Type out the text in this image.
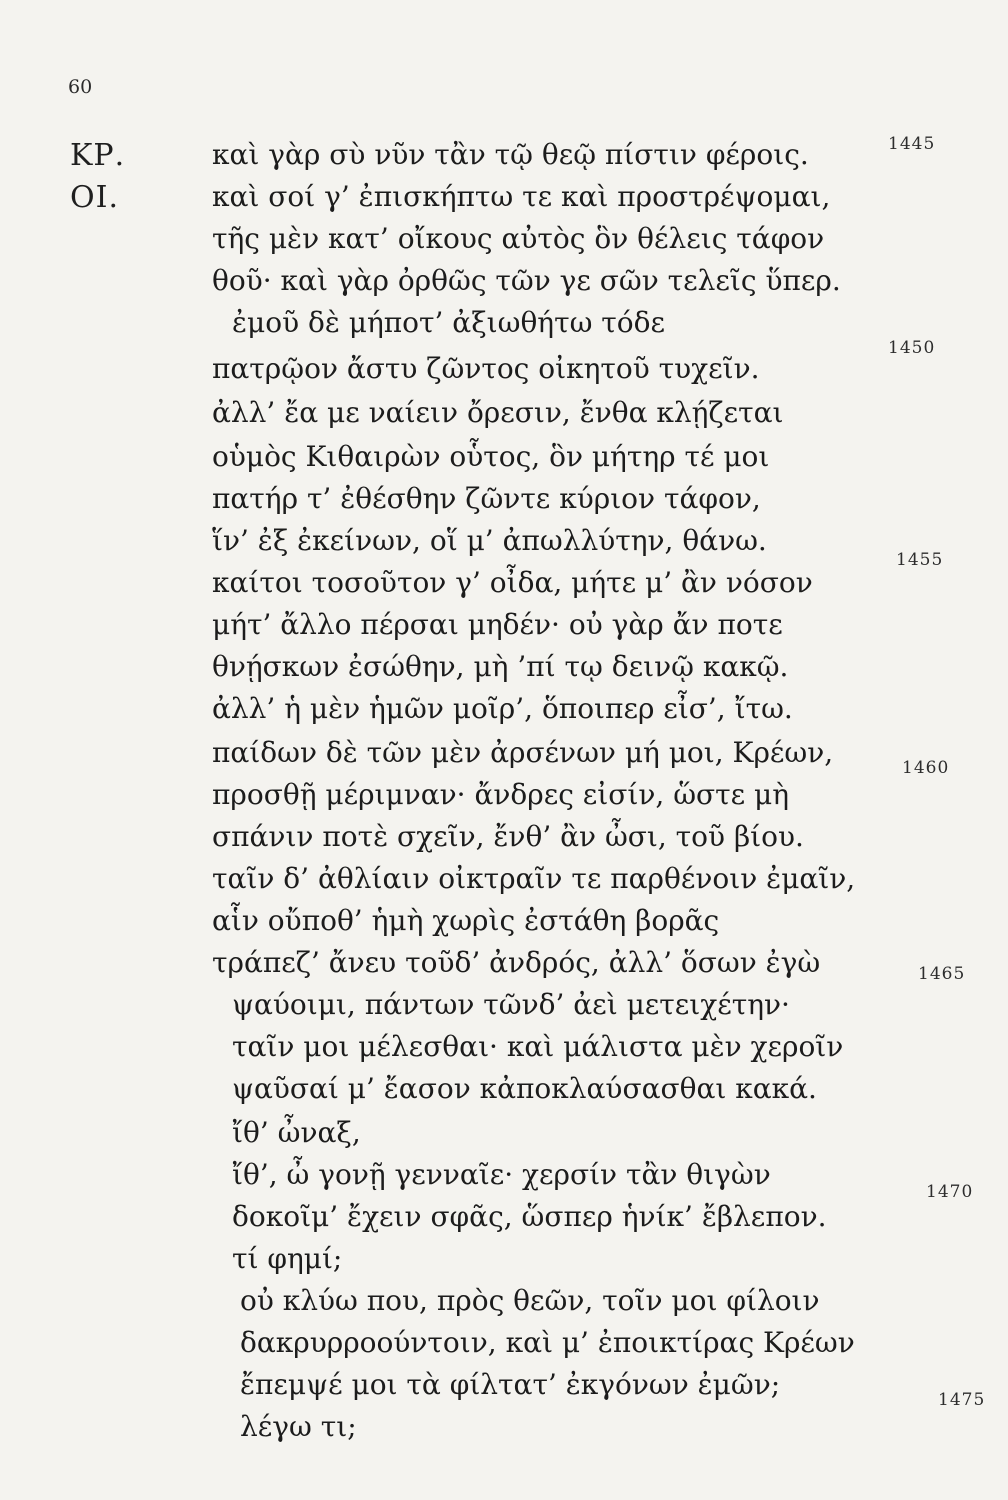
60
ΚΡ.	καὶ γὰρ σὺ νῦν τἂν τῷ θεῷ πίστιν φέροις.	1445
ΟΙ.	καὶ σοί γ’ ἐπισκήπτω τε καὶ προστρέψομαι,
τῆς μὲν κατ’ οἴκους αὐτὸς ὃν θέλεις τάφον
θοῦ· καὶ γὰρ ὀρθῶς τῶν γε σῶν τελεῖς ὕπερ.
ἐμοῦ δὲ μήποτ’ ἀξιωθήτω τόδε
πατρῷον ἄστυ ζῶντος οἰκητοῦ τυχεῖν.
1450
ἀλλ’ ἔα με ναίειν ὄρεσιν, ἔνθα κλῄζεται
οὑμὸς Κιθαιρὼν οὗτος, ὃν μήτηρ τέ μοι
πατήρ τ’ ἐθέσθην ζῶντε κύριον τάφον,
ἵν’ ἐξ ἐκείνων, οἵ μ’ ἀπωλλύτην, θάνω.
καίτοι τοσοῦτον γ’ οἶδα, μήτε μ’ ἂν νόσον
1455
μήτ’ ἄλλο πέρσαι μηδέν· οὐ γὰρ ἄν ποτε
θνῄσκων ἐσώθην, μὴ ’πί τῳ δεινῷ κακῷ.
ἀλλ’ ἡ μὲν ἡμῶν μοῖρ’, ὅποιπερ εἶσ’, ἴτω.
παίδων δὲ τῶν μὲν ἀρσένων μή μοι, Κρέων,
προσθῇ μέριμναν· ἄνδρες εἰσίν, ὥστε μὴ
1460
σπάνιν ποτὲ σχεῖν, ἔνθ’ ἂν ὦσι, τοῦ βίου.
ταῖν δ’ ἀθλίαιν οἰκτραῖν τε παρθένοιν ἐμαῖν,
αἷν οὔποθ’ ἡμὴ χωρὶς ἐστάθη βορᾶς
τράπεζ’ ἄνευ τοῦδ’ ἀνδρός, ἀλλ’ ὅσων ἐγὼ
ψαύοιμι, πάντων τῶνδ’ ἀεὶ μετειχέτην·
1465
ταῖν μοι μέλεσθαι· καὶ μάλιστα μὲν χεροῖν
ψαῦσαί μ’ ἔασον κἀποκλαύσασθαι κακά.
ἴθ’ ὦναξ,
ἴθ’, ὦ γονῇ γενναῖε· χερσίν τἂν θιγὼν
δοκοῖμ’ ἔχειν σφᾶς, ὥσπερ ἡνίκ’ ἔβλεπον.
1470
τί φημί;
οὐ κλύω που, πρὸς θεῶν, τοῖν μοι φίλοιν
δακρυρροούντοιν, καὶ μ’ ἐποικτίρας Κρέων
ἔπεμψέ μοι τὰ φίλτατ’ ἐκγόνων ἐμῶν;
λέγω τι;
1475
